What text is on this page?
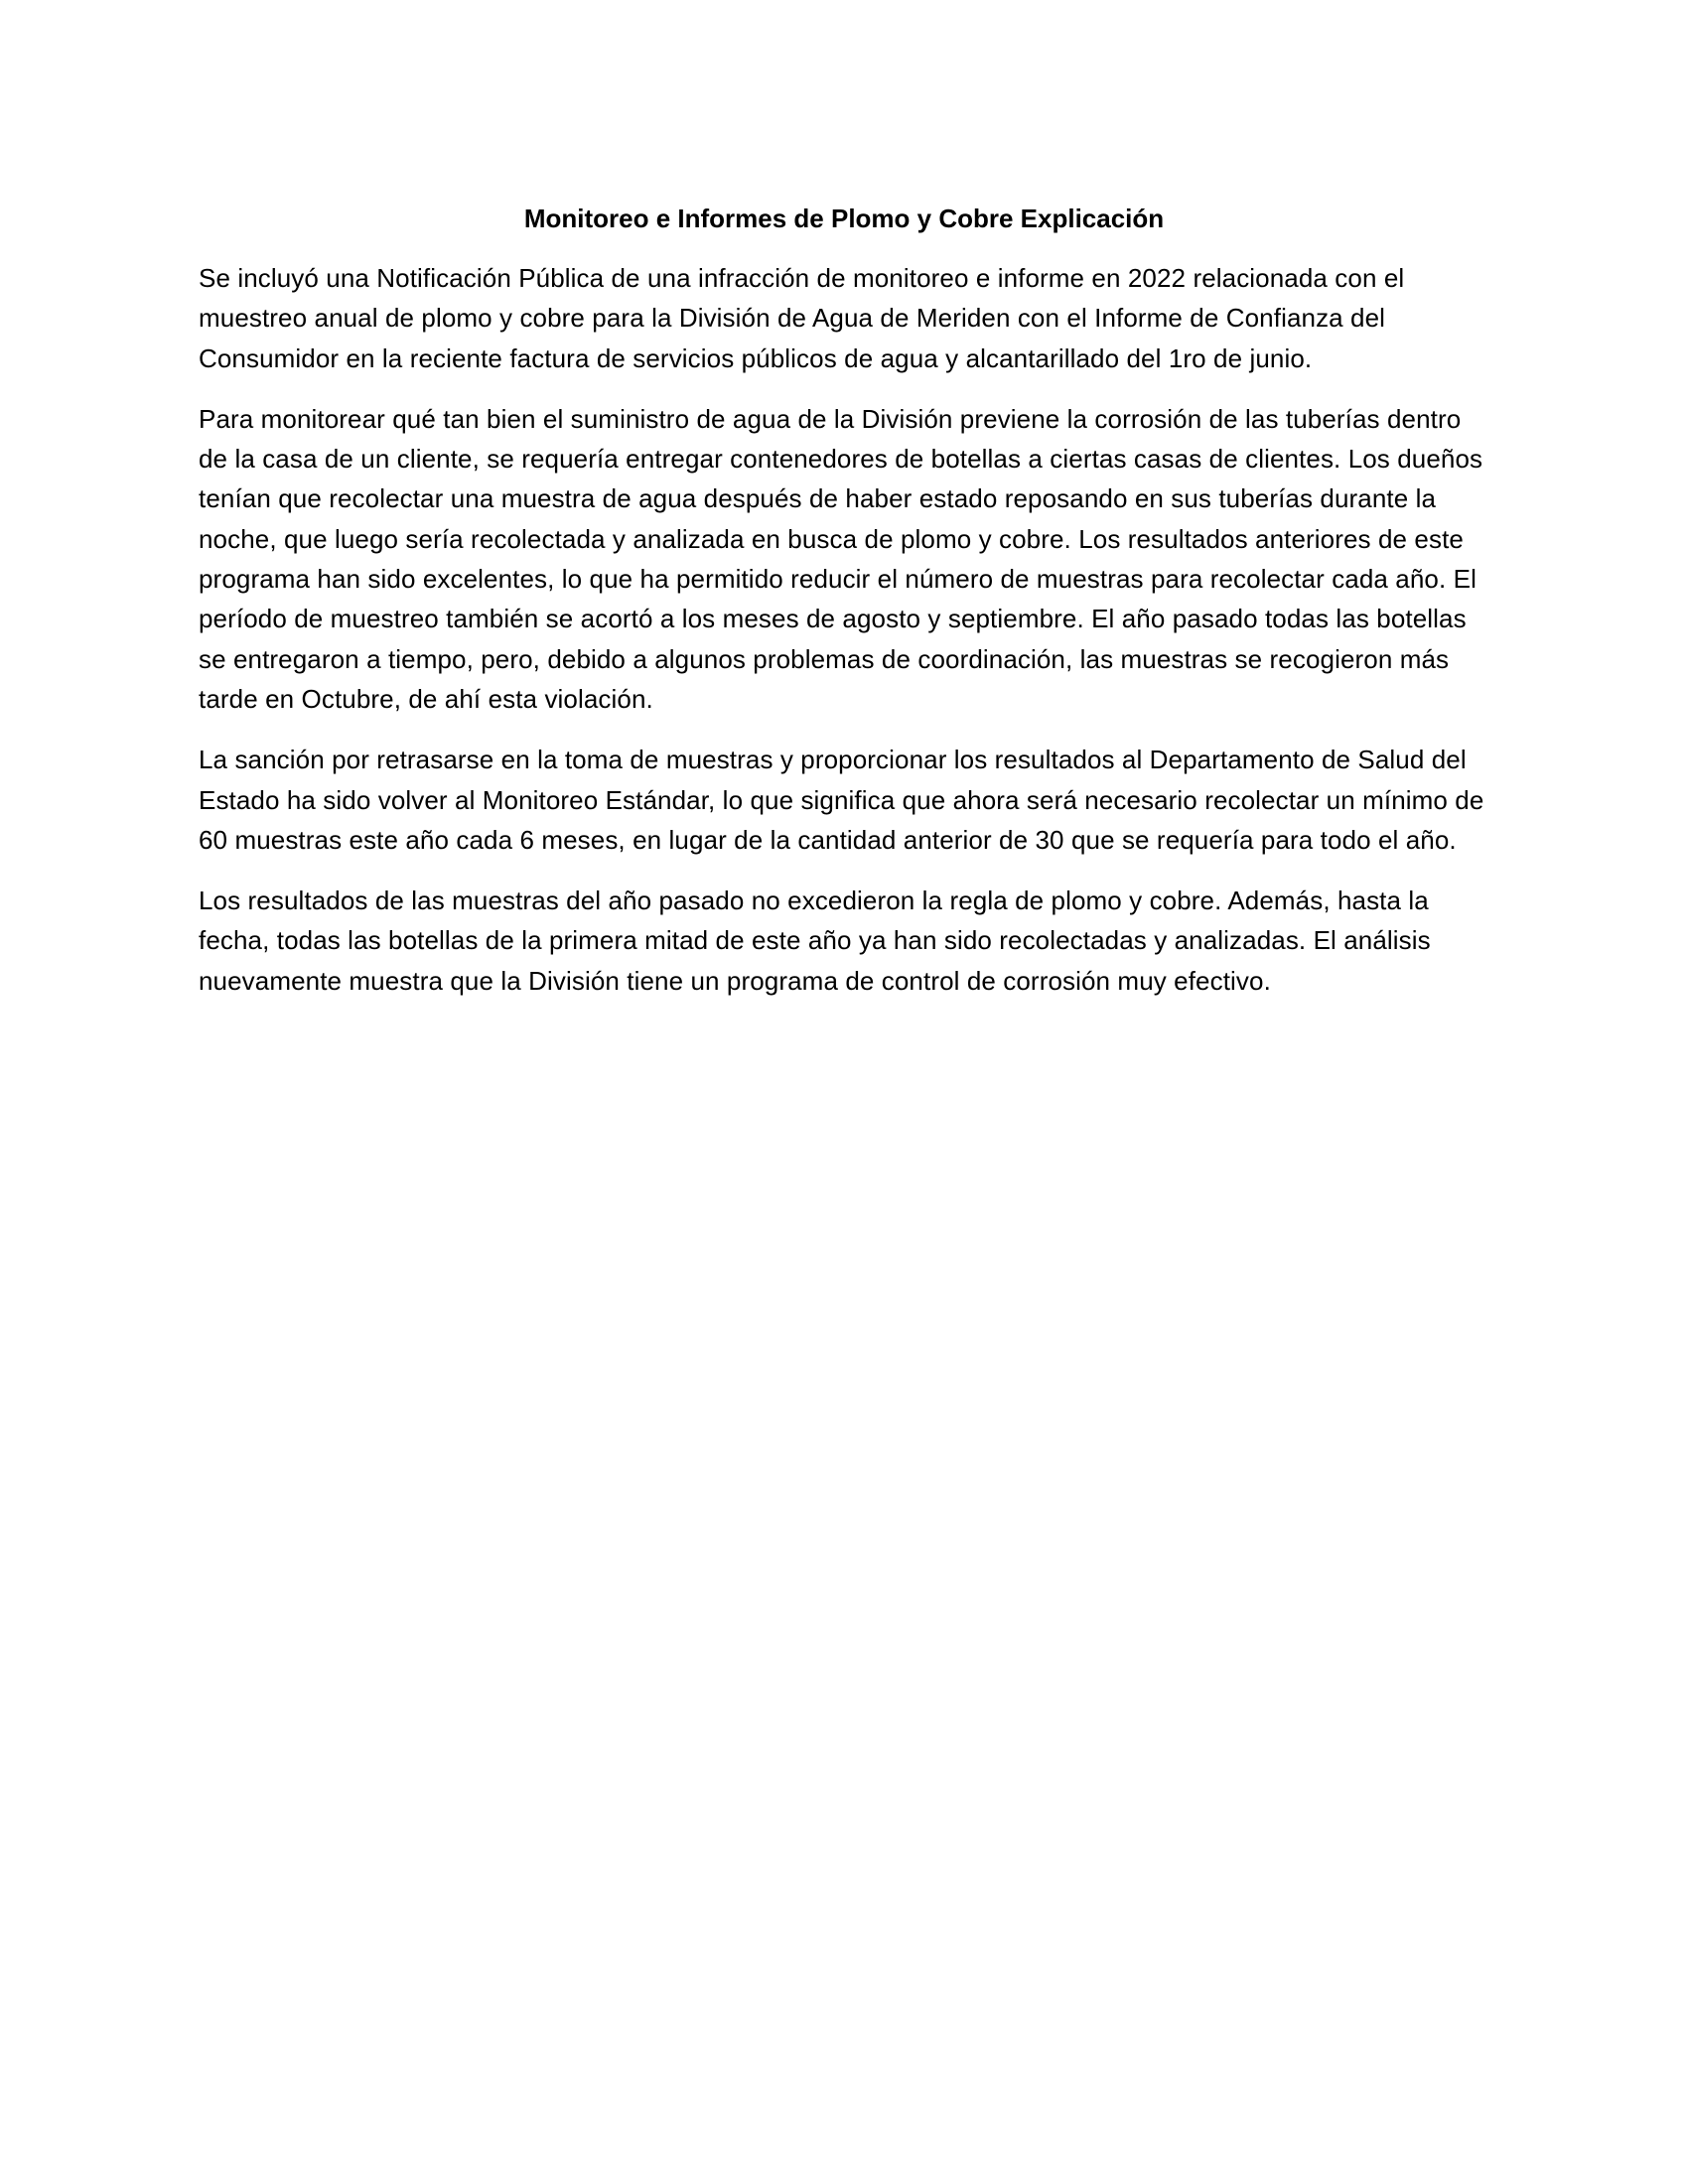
Monitoreo e Informes de Plomo y Cobre Explicación

Se incluyó una Notificación Pública de una infracción de monitoreo e informe en 2022 relacionada con el muestreo anual de plomo y cobre para la División de Agua de Meriden con el Informe de Confianza del Consumidor en la reciente factura de servicios públicos de agua y alcantarillado del 1ro de junio.

Para monitorear qué tan bien el suministro de agua de la División previene la corrosión de las tuberías dentro de la casa de un cliente, se requería entregar contenedores de botellas a ciertas casas de clientes. Los dueños tenían que recolectar una muestra de agua después de haber estado reposando en sus tuberías durante la noche, que luego sería recolectada y analizada en busca de plomo y cobre. Los resultados anteriores de este programa han sido excelentes, lo que ha permitido reducir el número de muestras para recolectar cada año. El período de muestreo también se acortó a los meses de agosto y septiembre. El año pasado todas las botellas se entregaron a tiempo, pero, debido a algunos problemas de coordinación, las muestras se recogieron más tarde en Octubre, de ahí esta violación.

La sanción por retrasarse en la toma de muestras y proporcionar los resultados al Departamento de Salud del Estado ha sido volver al Monitoreo Estándar, lo que significa que ahora será necesario recolectar un mínimo de 60 muestras este año cada 6 meses, en lugar de la cantidad anterior de 30 que se requería para todo el año.

Los resultados de las muestras del año pasado no excedieron la regla de plomo y cobre. Además, hasta la fecha, todas las botellas de la primera mitad de este año ya han sido recolectadas y analizadas. El análisis nuevamente muestra que la División tiene un programa de control de corrosión muy efectivo.
